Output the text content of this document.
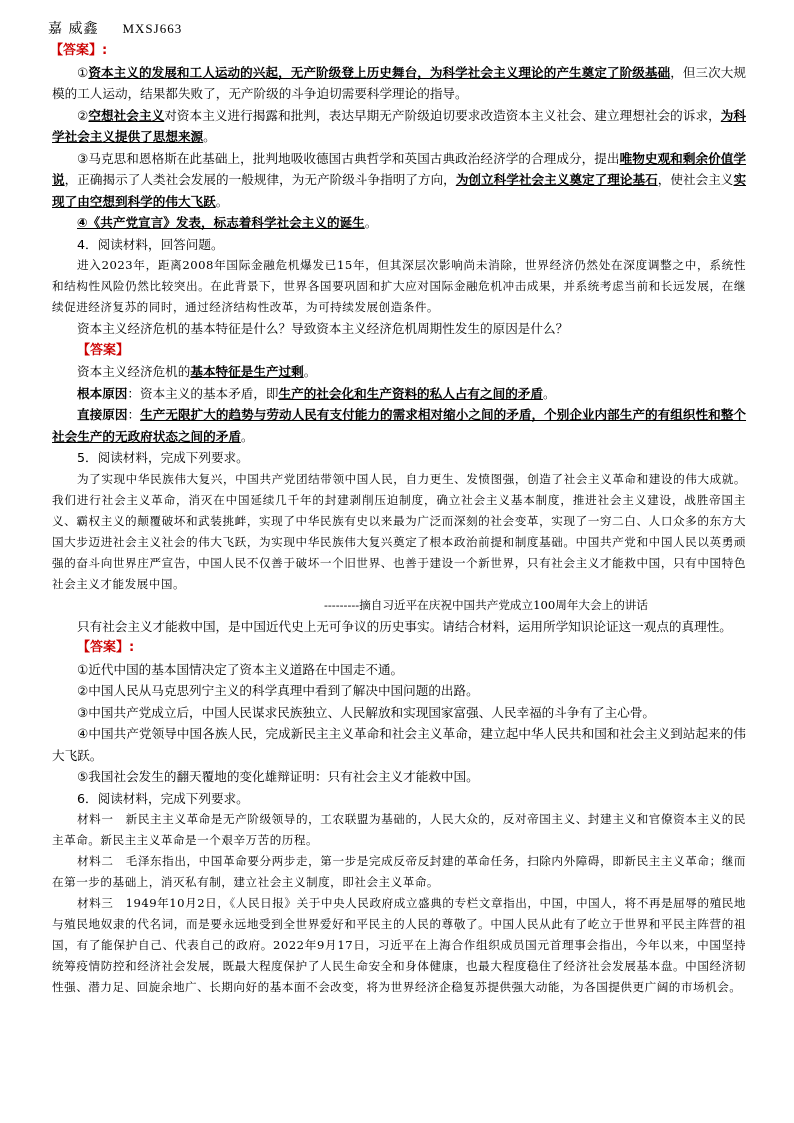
嘉 威鑫 MXSJ663

【答案】:

①资本主义的发展和工人运动的兴起，无产阶级登上历史舞台，为科学社会主义理论的产生奠定了阶级基础，但三次大规模的工人运动，结果都失败了，无产阶级的斗争迫切需要科学理论的指导。

②空想社会主义对资本主义进行揭露和批判，表达早期无产阶级迫切要求改造资本主义社会、建立理想社会的诉求，为科学社会主义提供了思想来源。

③马克思和恩格斯在此基础上，批判地吸收德国古典哲学和英国古典政治经济学的合理成分，提出唯物史观和剩余价值学说，正确揭示了人类社会发展的一般规律，为无产阶级斗争指明了方向，为创立科学社会主义奠定了理论基石，使社会主义实现了由空想到科学的伟大飞跃。

④《共产党宣言》发表，标志着科学社会主义的诞生。

4．阅读材料，回答问题。

进入2023年，距离2008年国际金融危机爆发已15年，但其深层次影响尚未消除，世界经济仍然处在深度调整之中，系统性和结构性风险仍然比较突出。在此背景下，世界各国要巩固和扩大应对国际金融危机冲击成果，并系统考虑当前和长远发展，在继续促进经济复苏的同时，通过经济结构性改革，为可持续发展创造条件。

资本主义经济危机的基本特征是什么？导致资本主义经济危机周期性发生的原因是什么？

【答案】

资本主义经济危机的基本特征是生产过剩。

根本原因：资本主义的基本矛盾，即生产的社会化和生产资料的私人占有之间的矛盾。

直接原因：生产无限扩大的趋势与劳动人民有支付能力的需求相对缩小之间的矛盾，个别企业内部生产的有组织性和整个社会生产的无政府状态之间的矛盾。

5．阅读材料，完成下列要求。

为了实现中华民族伟大复兴，中国共产党团结带领中国人民，自力更生、发愤图强，创造了社会主义革命和建设的伟大成就。我们进行社会主义革命，消灭在中国延续几千年的封建剥削压迫制度，确立社会主义基本制度，推进社会主义建设，战胜帝国主义、霸权主义的颠覆破坏和武装挑衅，实现了中华民族有史以来最为广泛而深刻的社会变革，实现了一穷二白、人口众多的东方大国大步迈进社会主义社会的伟大飞跃，为实现中华民族伟大复兴奠定了根本政治前提和制度基础。中国共产党和中国人民以英勇顽强的奋斗向世界庄严宣告，中国人民不仅善于破坏一个旧世界、也善于建设一个新世界，只有社会主义才能救中国，只有中国特色社会主义才能发展中国。

---------摘自习近平在庆祝中国共产党成立100周年大会上的讲话

只有社会主义才能救中国，是中国近代史上无可争议的历史事实。请结合材料，运用所学知识论证这一观点的真理性。

【答案】:

①近代中国的基本国情决定了资本主义道路在中国走不通。

②中国人民从马克思列宁主义的科学真理中看到了解决中国问题的出路。

③中国共产党成立后，中国人民谋求民族独立、人民解放和实现国家富强、人民幸福的斗争有了主心骨。

④中国共产党领导中国各族人民，完成新民主主义革命和社会主义革命，建立起中华人民共和国和社会主义到站起来的伟大飞跃。

⑤我国社会发生的翻天覆地的变化雄辩证明：只有社会主义才能救中国。

6．阅读材料，完成下列要求。

材料一　新民主主义革命是无产阶级领导的，工农联盟为基础的，人民大众的，反对帝国主义、封建主义和官僚资本主义的民主革命。新民主主义革命是一个艰辛万苦的历程。

材料二　毛泽东指出，中国革命要分两步走，第一步是完成反帝反封建的革命任务，扫除内外障碍，即新民主主义革命；继而在第一步的基础上，消灭私有制，建立社会主义制度，即社会主义革命。

材料三　1949年10月2日，《人民日报》关于中央人民政府成立盛典的专栏文章指出，中国，中国人，将不再是屈辱的殖民地与殖民地奴隶的代名词，而是要永远地受到全世界爱好和平民主的人民的尊敬了。中国人民从此有了屹立于世界和平民主阵营的祖国，有了能保护自己、代表自己的政府。2022年9月17日，习近平在上海合作组织成员国元首理事会指出，今年以来，中国坚持统筹疫情防控和经济社会发展，既最大程度保护了人民生命安全和身体健康，也最大程度稳住了经济社会发展基本盘。中国经济韧性强、潜力足、回旋余地广、长期向好的基本面不会改变，将为世界经济企稳复苏提供强大动能，为各国提供更广阔的市场机会。
